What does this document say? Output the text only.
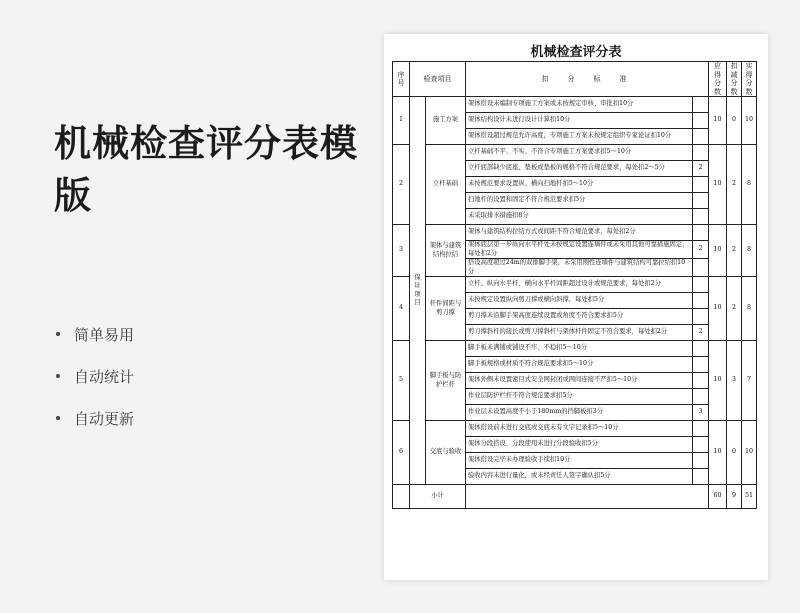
机械检查评分表模版
简单易用
自动统计
自动更新
机械检查评分表
序号	检查项目		扣　分　标　准		应得分数	扣减分数	实得分数
1	保证项目	施工方案	架体搭设未编制专项施工方案或未按规定审核、审批扣10分		10	0	10
			架体结构设计未进行设计计算扣10分				
			架体搭设超过规范允许高度，专项施工方案未按规定组织专家论证扣10分				
2		立杆基础	立杆基础不平、不实、不符合专项施工方案要求扣5～10分		10	2	8
			立杆底部缺少底座、垫板或垫板的规格不符合规范要求，每处扣2～5分	2			
			未按规范要求设置纵、横向扫地杆扣5～10分				
			扫地杆的设置和固定不符合规范要求扣5分				
			未采取排水措施扣8分				
3		架体与建筑结构拉结	架体与建筑结构拉结方式或间距不符合规范要求，每处扣2分		10	2	8
			架体底层第一步纵向水平杆处未按规定设置连墙件或未采用其他可靠措施固定，每处扣2分	2			
			搭设高度超过24m的双排脚手架，未采用刚性连墙件与建筑结构可靠拉结扣10分				
4		杆件间距与剪刀撑	立杆、纵向水平杆、横向水平杆间距超过设计或规范要求，每处扣2分		10	2	8
			未按规定设置纵向剪刀撑或横向斜撑，每处扣5分				
			剪刀撑未沿脚手架高度连续设置或角度不符合要求扣5分				
			剪刀撑斜杆的接长或剪刀撑斜杆与架体杆件固定不符合要求，每处扣2分	2			
5		脚手板与防护栏杆	脚手板未满铺或铺设不牢、不稳扣5～10分		10	3	7
			脚手板规格或材质不符合规范要求扣5～10分				
			架体外侧未设置密目式安全网封闭或网间连接不严扣5～10分				
			作业层防护栏杆不符合规范要求扣5分				
			作业层未设置高度不小于180mm的挡脚板扣3分	3			
6		交底与验收	架体搭设前未进行交底或交底未有文字记录扣5～10分		10	0	10
			架体分段搭设、分段使用未进行分段验收扣5分				
			架体搭设完毕未办理验收手续扣10分				
			验收内容未进行量化，或未经责任人签字确认扣5分				
	小计				60	9	51
